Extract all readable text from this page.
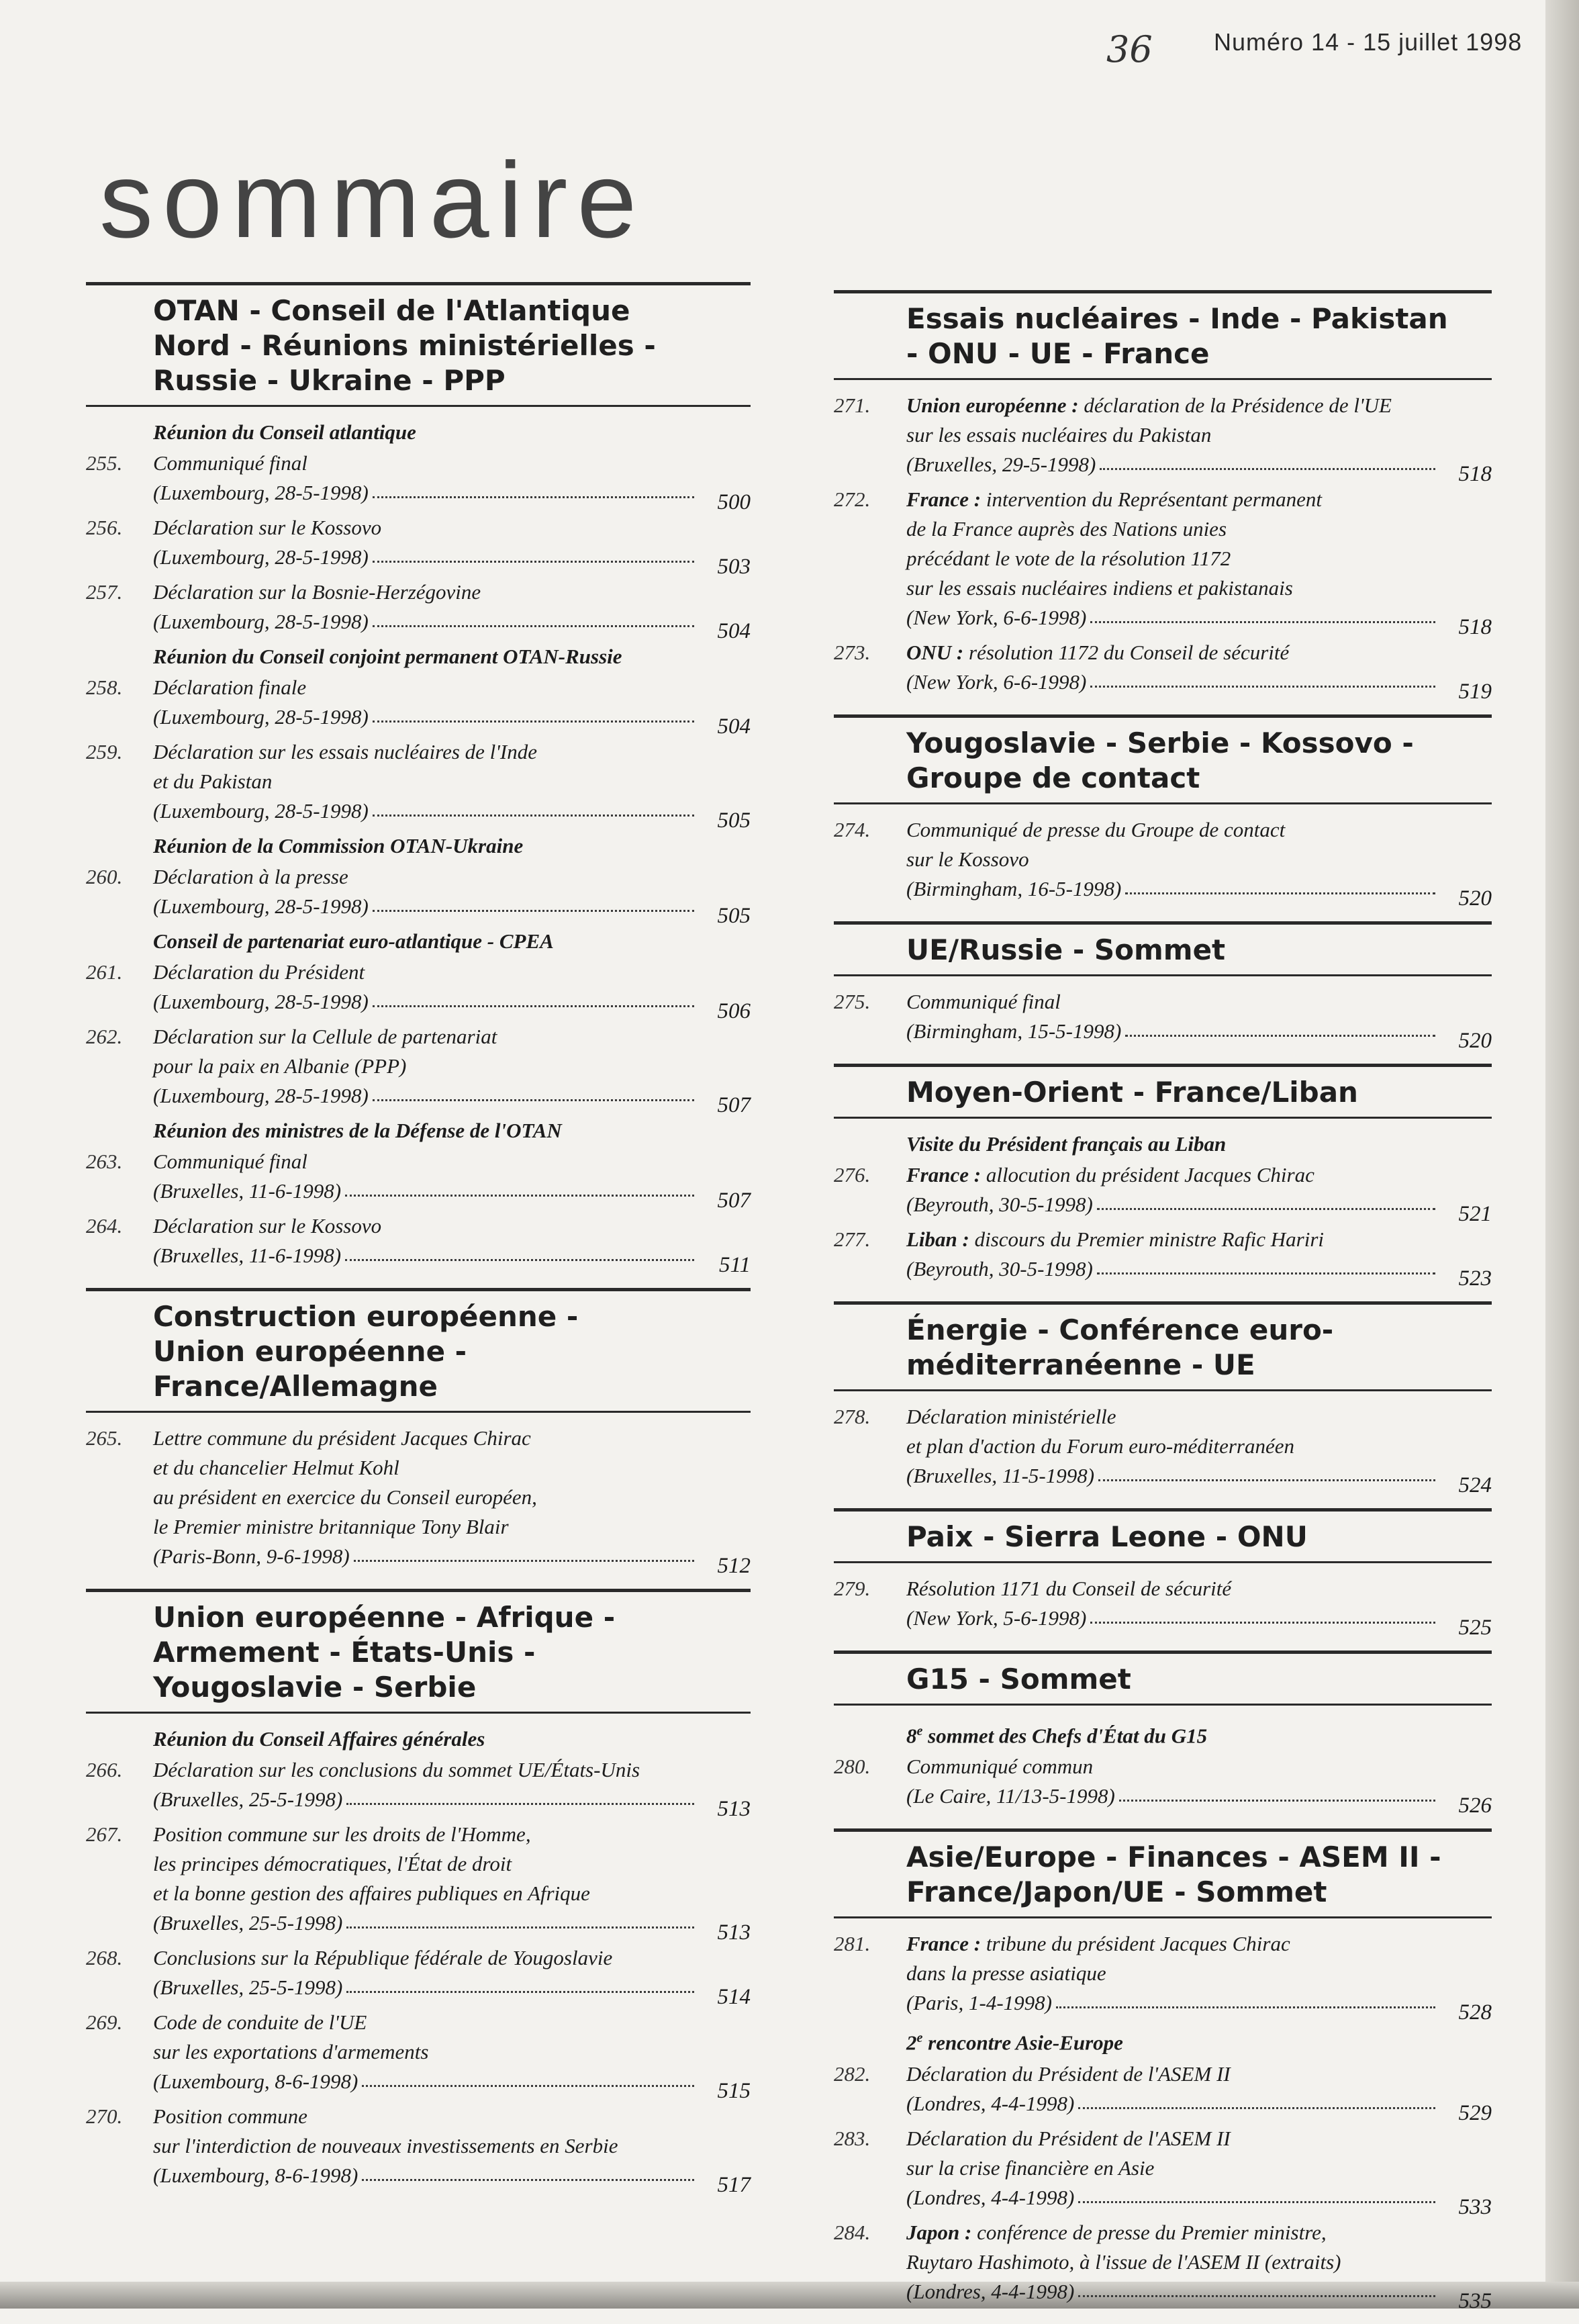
36	Numéro 14 - 15 juillet 1998
sommaire
OTAN - Conseil de l'Atlantique
Nord - Réunions ministérielles -
Russie - Ukraine - PPP
Réunion du Conseil atlantique
255.	Communiqué final
(Luxembourg, 28-5-1998)	500
256.	Déclaration sur le Kossovo
(Luxembourg, 28-5-1998)	503
257.	Déclaration sur la Bosnie-Herzégovine
(Luxembourg, 28-5-1998)	504
Réunion du Conseil conjoint permanent OTAN-Russie
258.	Déclaration finale
(Luxembourg, 28-5-1998)	504
259.	Déclaration sur les essais nucléaires de l'Inde
et du Pakistan
(Luxembourg, 28-5-1998)	505
Réunion de la Commission OTAN-Ukraine
260.	Déclaration à la presse
(Luxembourg, 28-5-1998)	505
Conseil de partenariat euro-atlantique - CPEA
261.	Déclaration du Président
(Luxembourg, 28-5-1998)	506
262.	Déclaration sur la Cellule de partenariat
pour la paix en Albanie (PPP)
(Luxembourg, 28-5-1998)	507
Réunion des ministres de la Défense de l'OTAN
263.	Communiqué final
(Bruxelles, 11-6-1998)	507
264.	Déclaration sur le Kossovo
(Bruxelles, 11-6-1998)	511
Construction européenne -
Union européenne -
France/Allemagne
265.	Lettre commune du président Jacques Chirac
et du chancelier Helmut Kohl
au président en exercice du Conseil européen,
le Premier ministre britannique Tony Blair
(Paris-Bonn, 9-6-1998)	512
Union européenne - Afrique -
Armement - États-Unis -
Yougoslavie - Serbie
Réunion du Conseil Affaires générales
266.	Déclaration sur les conclusions du sommet UE/États-Unis
(Bruxelles, 25-5-1998)	513
267.	Position commune sur les droits de l'Homme,
les principes démocratiques, l'État de droit
et la bonne gestion des affaires publiques en Afrique
(Bruxelles, 25-5-1998)	513
268.	Conclusions sur la République fédérale de Yougoslavie
(Bruxelles, 25-5-1998)	514
269.	Code de conduite de l'UE
sur les exportations d'armements
(Luxembourg, 8-6-1998)	515
270.	Position commune
sur l'interdiction de nouveaux investissements en Serbie
(Luxembourg, 8-6-1998)	517
Essais nucléaires - Inde - Pakistan
- ONU - UE - France
271.	Union européenne : déclaration de la Présidence de l'UE
sur les essais nucléaires du Pakistan
(Bruxelles, 29-5-1998)	518
272.	France : intervention du Représentant permanent
de la France auprès des Nations unies
précédant le vote de la résolution 1172
sur les essais nucléaires indiens et pakistanais
(New York, 6-6-1998)	518
273.	ONU : résolution 1172 du Conseil de sécurité
(New York, 6-6-1998)	519
Yougoslavie - Serbie - Kossovo -
Groupe de contact
274.	Communiqué de presse du Groupe de contact
sur le Kossovo
(Birmingham, 16-5-1998)	520
UE/Russie - Sommet
275.	Communiqué final
(Birmingham, 15-5-1998)	520
Moyen-Orient - France/Liban
Visite du Président français au Liban
276.	France : allocution du président Jacques Chirac
(Beyrouth, 30-5-1998)	521
277.	Liban : discours du Premier ministre Rafic Hariri
(Beyrouth, 30-5-1998)	523
Énergie - Conférence euro-
méditerranéenne - UE
278.	Déclaration ministérielle
et plan d'action du Forum euro-méditerranéen
(Bruxelles, 11-5-1998)	524
Paix - Sierra Leone - ONU
279.	Résolution 1171 du Conseil de sécurité
(New York, 5-6-1998)	525
G15 - Sommet
8e sommet des Chefs d'État du G15
280.	Communiqué commun
(Le Caire, 11/13-5-1998)	526
Asie/Europe - Finances - ASEM II -
France/Japon/UE - Sommet
281.	France : tribune du président Jacques Chirac
dans la presse asiatique
(Paris, 1-4-1998)	528
2e rencontre Asie-Europe
282.	Déclaration du Président de l'ASEM II
(Londres, 4-4-1998)	529
283.	Déclaration du Président de l'ASEM II
sur la crise financière en Asie
(Londres, 4-4-1998)	533
284.	Japon : conférence de presse du Premier ministre,
Ruytaro Hashimoto, à l'issue de l'ASEM II (extraits)
(Londres, 4-4-1998)	535
